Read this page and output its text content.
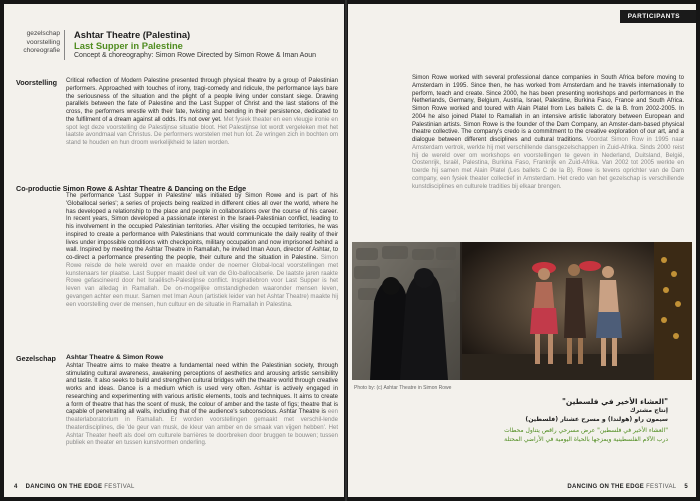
gezelschap
voorstelling
choreografie
Ashtar Theatre (Palestina)
Last Supper in Palestine
Concept & choreography: Simon Rowe Directed by Simon Rowe & Iman Aoun
Voorstelling Critical reflection of Modern Palestine presented through physical theatre by a group of Palestinian performers. Approached with touches of irony, tragi-comedy and ridicule, the performance lays bare the seriousness of the situation and the plight of a people living under constant siege. Drawing parallels between the fate of Palestine and the Last Supper of Christ and the last stations of the cross, the performers wrestle with their fate, twisting and bending in their persistence, dedicated to the fulfilment of a dream against all odds. It's not over yet. Met fysiek theater en een vleugje ironie en spot legt deze voorstelling de Palestijnse situatie bloot. Het Palestijnse lot wordt vergeleken met het laatste avondmaal van Christus. De performers worstelen met hun lot. Ze wringen zich in bochten om stand te houden en hun droom werkelijkheid te laten worden.
Co-productie Simon Rowe & Ashtar Theatre & Dancing on the Edge
The performance 'Last Supper in Palestine' was initiated by Simon Rowe and is part of his 'Globallocal series'; a series of projects being realized in different cities all over the world, where he has developed a relationship to the place and people in collaborations over the course of his career. In recent years, Simon developed a passionate interest in the Israeli-Palestinian conflict, leading to his involvement in the occupied Palestinian territories. After visiting the occupied territories, he was inspired to create a performance with Palestinians that would communicate the daily reality of their lives under impossible conditions with checkpoints, military occupation and now imprisoned behind a wall. Inspired by meeting the Ashtar Theatre in Ramallah, he invited Iman Aoun, director of Ashtar, to co-direct a performance presenting the people, their culture and the situation in Palestine. Simon Rowe reisde de hele wereld over en maakte onder de noemer Global-local voorstellingen met kunstenaars ter plaatse. Last Supper maakt deel uit van de Glo-ballocalserie. De laatste jaren raakte Rowe gefascineerd door het Israëlisch-Palestijnse conflict. Inspiratiebron voor Last Supper is het leven van alledag in Ramallah. De on-mogelijke omstandigheden waaronder mensen leven, gevangen achter een muur. Samen met Iman Aoun (artistiek leider van het Ashtar Theatre) maakte hij een voorstelling over de mensen, hun cultuur en de situatie in Ramallah in Palestina.
Gezelschap Ashtar Theatre & Simon Rowe
Ashtar Theatre aims to make theatre a fundamental need within the Palestinian society, through stimulating cultural awareness, awakening perceptions of aesthetics and arousing artistic sensibility and taste. It also seeks to build and strengthen cultural bridges with the theatre world through creative works and ideas. Dance is a medium which is used very often. Ashtar is actively engaged in researching and experimenting with various artistic elements, tools and techniques. It aims to create a form of theatre that has the scent of musk, the colour of amber and the taste of figs; theatre that is capable of penetrating all walls, including that of the audience's subconscious. Ashtar Theatre is een theaterlaboratorium in Ramallah. Er worden voorstellingen gemaakt met verschil-lende theaterdisciplines, die 'de geur van musk, de kleur van amber en de smaak van vijgen hebben'. Het Ashtar Theater heeft als doel om culturele barrières te doorbreken door bruggen te bouwen; tussen publiek en theater en tussen kunstvormen onderling.
4 DANCING ON THE EDGE FESTIVAL
PARTICIPANTS
Simon Rowe worked with several professional dance companies in South Africa before moving to Amsterdam in 1995. Since then, he has worked from Amsterdam and he travels internationally to perform, teach and create. Since 2000, he has been presenting workshops and performances in the Netherlands, Germany, Belgium, Austria, Israel, Palestine, Burkina Faso, France and South Africa. Simon Rowe worked and toured with Alain Platel from Les ballets C. de la B. from 2002-2005. In 2004 he also joined Platel to Ramallah in an intensive artistic laboratory between European and Palestinian artists. Simon Rowe is the founder of the Dam Company, an Amster-dam-based physical theatre collective. The company's credo is a commitment to the creative exploration of our art, and a dialogue between different disciplines and cultural traditions. Voordat Simon Row in 1995 naar Amsterdam vertrok, werkte hij met verschillende dansgezelschappen in Zuid-Afrika. Sinds 2000 reist hij de wereld over om workshops en voorstellingen te geven in Nederland, Duitsland, België, Oostenrijk, Israël, Palestina, Burkina Faso, Frankrijk en Zuid-Afrika. Van 2002 tot 2005 werkte en toerde hij samen met Alain Platel (Les ballets C de la B). Rowe is tevens oprichter van de Dam company, een fysiek theater collectief in Amsterdam. Het credo van het gezelschap is verschillende kunstdisciplines en culturele tradities bij elkaar brengen.
Photo by: (c) Ashtar Theatre in Simon Rowe
"العشاء الأخير في فلسطين"
إنتاج مشترك
سيمون راو (هولندا) و مسرح عشتار (فلسطين)
"العشاء الأخير في فلسطين" عرض مسرحي راقص يتناول محطات درب الآلام الفلسطينية ويمزجها بالحياة اليومية في الأراضي المحتلة
DANCING ON THE EDGE FESTIVAL 5
